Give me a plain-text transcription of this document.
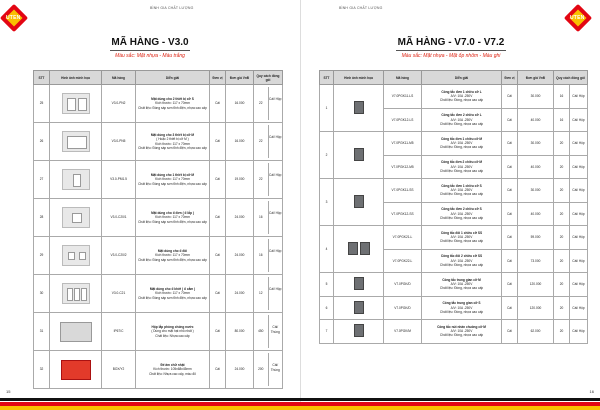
UTEN
BÌNH GIA CHẤT LƯỢNG
MÃ HÀNG - V3.0
Màu sắc: Mặt nhựa - Màu trắng
STT	Hình ảnh minh họa	Mã hàng	Diễn giải	Đơn vị	Đơn giá VnĐ	Quy cách đóng gói
25		V3.0-PN2	Mặt dùng cho 2 thiết bị cỡ S
Kích thước: 117 x 70mm
Chất liệu: Đồng sáp sơn tĩnh điện, nhựa cao cấp	Cái	16.000	22
Cái/ Hộp

26		V3.0-PN5	Mặt dùng cho 3 thiết bị cỡ M
( Hoặc 2 thiết bị cỡ M )
Kích thước: 117 x 70mm
Chất liệu: Đồng sáp sơn tĩnh điện, nhựa cao cấp	Cái	16.000	22
Cái/ Hộp

27		V3.0-PM1.5	Mặt dùng cho 1 thiết bị cỡ M
Kích thước: 117 x 70mm
Chất liệu: Đồng sáp sơn tĩnh điện, nhựa cao cấp	Cái	19.000	22
Cái/ Hộp

28		V3.0-C20/1	Mặt dùng cho ổ đơn ( ổ lắp )
Kích thước: 117 x 70mm
Chất liệu: Đồng sáp sơn tĩnh điện, nhựa cao cấp	Cái	24.000	16
Cái/ Hộp

29		V3.0-C20/2	Mặt dùng cho ổ đôi
Kích thước: 117 x 70mm
Chất liệu: Đồng sáp sơn tĩnh điện, nhựa cao cấp	Cái	24.000	16
Cái/ Hộp

30		V3.0-C21	Mặt dùng cho ổ khởi ( ổ cắm )
Kích thước: 117 x 70mm
Chất liệu: Đồng sáp sơn tĩnh điện, nhựa cao cấp	Cái	24.000	12
Cái/ Hộp

31		IP67/C	Hộp lắp phòng chống nước
( Dùng cho mặt hạt nhỏ nhất )
Chất liệu: Nhựa cao cấp	Cái	80.000	450
Cái/ Thùng

32		BOX/Y2	Đế âm chữ nhật
Kích thước: 105x68x45mm
Chất liệu: Nhựa cao cấp, màu đỏ	Cái	24.000	200
Cái/ Thùng
15
UTEN
BÌNH GIA CHẤT LƯỢNG
MÃ HÀNG - V7.0 - V7.2
Màu sắc: Mặt nhựa - Mặt ốp nhôm - Màu ghi
STT	Hình ảnh minh họa	Mã hàng	Diễn giải	Đơn vị	Đơn giá VnĐ	Quy cách đóng gói	
1		V7.0PGK11-LS	Công tắc đơn 1 chiều cỡ L
A/V: 10A -250V
Chất liệu: Đồng, nhựa cao cấp	Cái	30.000	16	Cái/ Hộp
		V7.0PGK12-LS	Công tắc đơn 2 chiều cỡ L
A/V: 10A -250V
Chất liệu: Đồng, nhựa cao cấp	Cái	40.000	16	Cái/ Hộp
2		V7.0PGK11-M5	Công tắc đơn 1 chiều cỡ M
A/V: 10A -250V
Chất liệu: Đồng, nhựa cao cấp	Cái	30.000	20	Cái/ Hộp
		V7.0PGK12-M5	Công tắc đơn 2 chiều cỡ M
A/V: 10A -250V
Chất liệu: Đồng, nhựa cao cấp	Cái	40.000	20	Cái/ Hộp
3		V7.0PGK11-SS	Công tắc đơn 1 chiều cỡ S
A/V: 10A -250V
Chất liệu: Đồng, nhựa cao cấp	Cái	30.000	20	Cái/ Hộp
		V7.0PGK12-SS	Công tắc đơn 2 chiều cỡ S
A/V: 10A -250V
Chất liệu: Đồng, nhựa cao cấp	Cái	40.000	20	Cái/ Hộp
4		V7.0PGK21-L	Công tắc đôi 1 chiều cỡ SS
A/V: 10A -250V
Chất liệu: Đồng, nhựa cao cấp	Cái	59.000	20	Cái/ Hộp
		V7.0PGK22-L	Công tắc đôi 2 chiều cỡ SS
A/V: 10A -250V
Chất liệu: Đồng, nhựa cao cấp	Cái	73.000	20	Cái/ Hộp
5		V7.0PGK/D	Công tắc trung gian cỡ M
A/V: 10A -250V
Chất liệu: Đồng, nhựa cao cấp	Cái	120.000	20	Cái/ Hộp
6		V7.0PGK/D	Công tắc trung gian cỡ S
A/V: 10A -250V
Chất liệu: Đồng, nhựa cao cấp	Cái	120.000	20	Cái/ Hộp
7		V7.0PGK/M	Công tắc nút nhấn chuông cỡ M
A/V: 10A -250V
Chất liệu: Đồng, nhựa cao cấp	Cái	62.000	20	Cái/ Hộp
16
